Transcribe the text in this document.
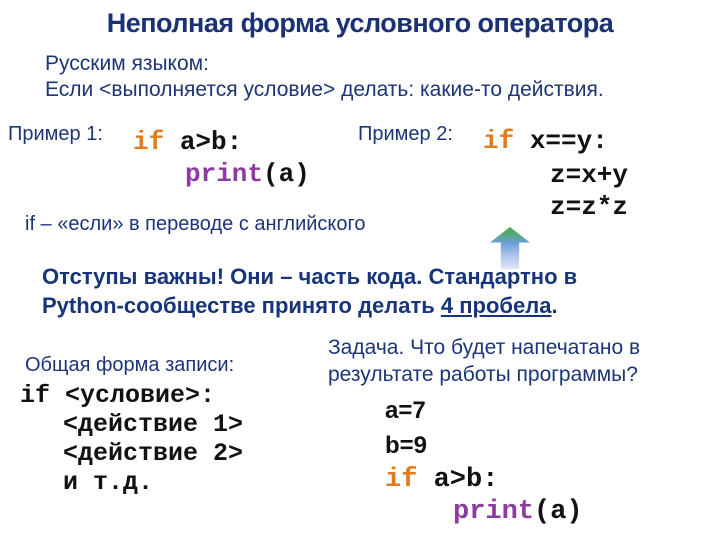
Неполная форма условного оператора
Русским языком:
Если <выполняется условие> делать: какие-то действия.
Пример 1: if a>b:
print(a)
Пример 2: if x==y:
z=x+y
z=z*z
if – «если» в переводе с английского
Отступы важны! Они – часть кода. Стандартно в
Python-сообществе принято делать 4 пробела.
Общая форма записи:
if <условие>:
<действие 1>
<действие 2>
и т.д.
Задача. Что будет напечатано в
результате работы программы?
a=7
b=9
if a>b:
print(a)
